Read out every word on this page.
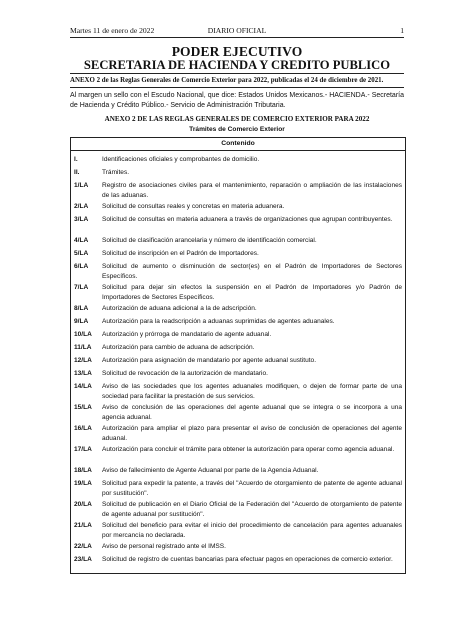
Martes 11 de enero de 2022	DIARIO OFICIAL	1
PODER EJECUTIVO
SECRETARIA DE HACIENDA Y CREDITO PUBLICO
ANEXO 2 de las Reglas Generales de Comercio Exterior para 2022, publicadas el 24 de diciembre de 2021.
Al margen un sello con el Escudo Nacional, que dice: Estados Unidos Mexicanos.- HACIENDA.- Secretaría de Hacienda y Crédito Público.- Servicio de Administración Tributaria.
ANEXO 2 DE LAS REGLAS GENERALES DE COMERCIO EXTERIOR PARA 2022
Trámites de Comercio Exterior
Contenido
I.	Identificaciones oficiales y comprobantes de domicilio.
II.	Trámites.
1/LA	Registro de asociaciones civiles para el mantenimiento, reparación o ampliación de las instalaciones de las aduanas.
2/LA	Solicitud de consultas reales y concretas en materia aduanera.
3/LA	Solicitud de consultas en materia aduanera a través de organizaciones que agrupan contribuyentes.
4/LA	Solicitud de clasificación arancelaria y número de identificación comercial.
5/LA	Solicitud de inscripción en el Padrón de Importadores.
6/LA	Solicitud de aumento o disminución de sector(es) en el Padrón de Importadores de Sectores Específicos.
7/LA	Solicitud para dejar sin efectos la suspensión en el Padrón de Importadores y/o Padrón de Importadores de Sectores Específicos.
8/LA	Autorización de aduana adicional a la de adscripción.
9/LA	Autorización para la readscripción a aduanas suprimidas de agentes aduanales.
10/LA	Autorización y prórroga de mandatario de agente aduanal.
11/LA	Autorización para cambio de aduana de adscripción.
12/LA	Autorización para asignación de mandatario por agente aduanal sustituto.
13/LA	Solicitud de revocación de la autorización de mandatario.
14/LA	Aviso de las sociedades que los agentes aduanales modifiquen, o dejen de formar parte de una sociedad para facilitar la prestación de sus servicios.
15/LA	Aviso de conclusión de las operaciones del agente aduanal que se integra o se incorpora a una agencia aduanal.
16/LA	Autorización para ampliar el plazo para presentar el aviso de conclusión de operaciones del agente aduanal.
17/LA	Autorización para concluir el trámite para obtener la autorización para operar como agencia aduanal.
18/LA	Aviso de fallecimiento de Agente Aduanal por parte de la Agencia Aduanal.
19/LA	Solicitud para expedir la patente, a través del "Acuerdo de otorgamiento de patente de agente aduanal por sustitución".
20/LA	Solicitud de publicación en el Diario Oficial de la Federación del "Acuerdo de otorgamiento de patente de agente aduanal por sustitución".
21/LA	Solicitud del beneficio para evitar el inicio del procedimiento de cancelación para agentes aduanales por mercancía no declarada.
22/LA	Aviso de personal registrado ante el IMSS.
23/LA	Solicitud de registro de cuentas bancarias para efectuar pagos en operaciones de comercio exterior.
